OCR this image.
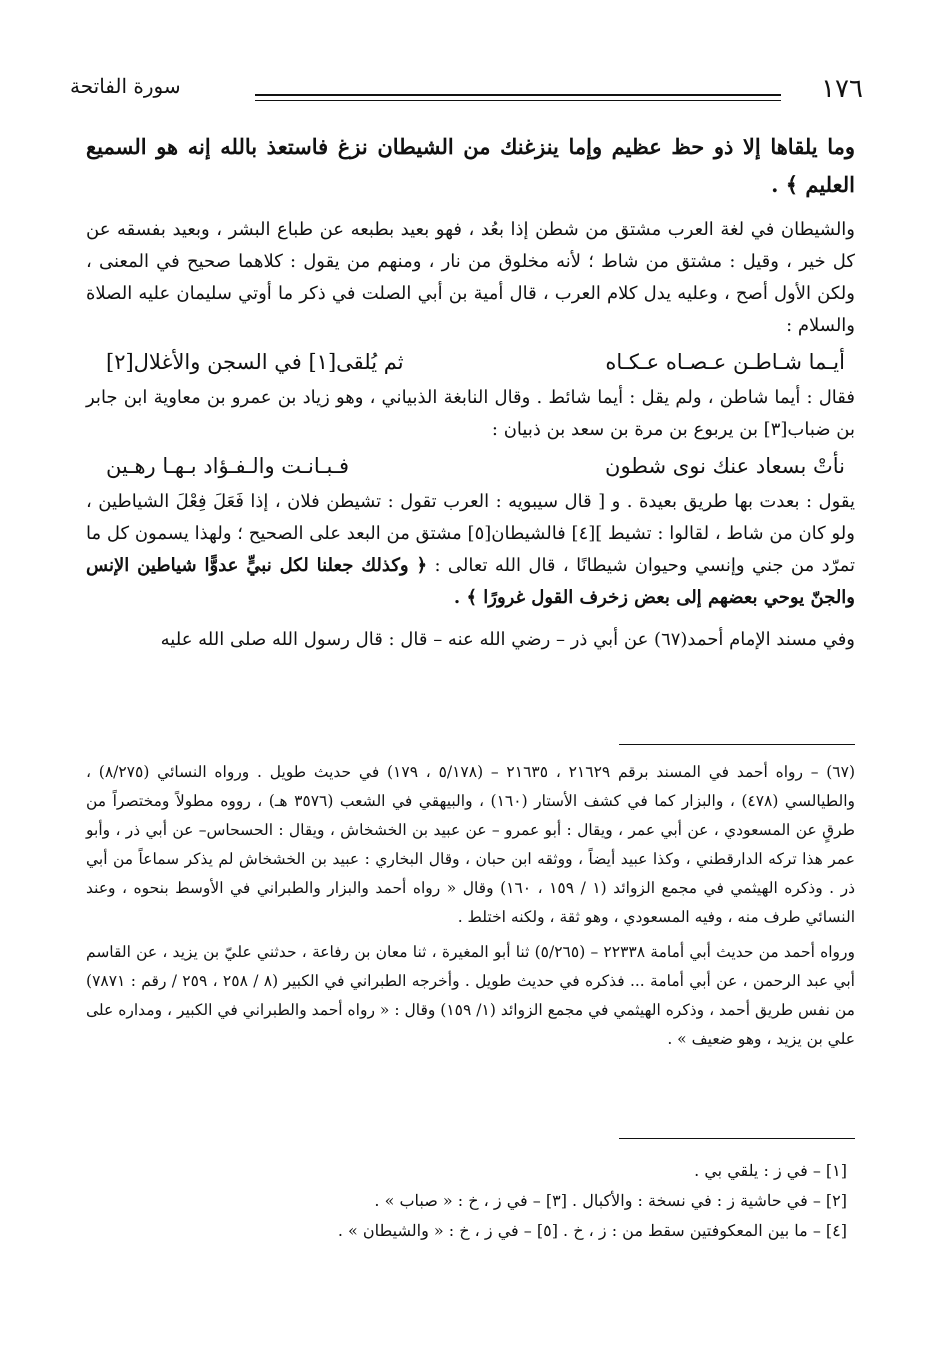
١٧٦
سورة الفاتحة

وما يلقاها إلا ذو حظ عظيم وإما ينزغنك من الشيطان نزغ فاستعذ بالله إنه هو السميع العليم ﴾ .

والشيطان في لغة العرب مشتق من شطن إذا بعُد ، فهو بعيد بطبعه عن طباع البشر ، وبعيد بفسقه عن كل خير ، وقيل : مشتق من شاط ؛ لأنه مخلوق من نار ، ومنهم من يقول : كلاهما صحيح في المعنى ، ولكن الأول أصح ، وعليه يدل كلام العرب ، قال أمية بن أبي الصلت في ذكر ما أوتي سليمان عليه الصلاة والسلام :

أيـما شـاطـن عـصـاه عـكـاه
ثم يُلقى[١] في السجن والأغلال[٢]

فقال : أيما شاطن ، ولم يقل : أيما شائط . وقال النابغة الذبياني ، وهو زياد بن عمرو بن معاوية ابن جابر بن ضباب[٣] بن يربوع بن مرة بن سعد بن ذبيان :

نأتْ بسعاد عنك نوى شطون
فـبـانـت والـفـؤاد بـهـا رهـين

يقول : بعدت بها طريق بعيدة . و [ قال سيبويه : العرب تقول : تشيطن فلان ، إذا فَعَلَ فِعْلَ الشياطين ، ولو كان من شاط ، لقالوا : تشيط ][٤] فالشيطان[٥] مشتق من البعد على الصحيح ؛ ولهذا يسمون كل ما تمرّد من جني وإنسي وحيوان شيطانًا ، قال الله تعالى : ﴿ وكذلك جعلنا لكل نبيٍّ عدوًّا شياطين الإنس والجنّ يوحي بعضهم إلى بعض زخرف القول غرورًا ﴾ .

وفي مسند الإمام أحمد(٦٧) عن أبي ذر – رضي الله عنه – قال : قال رسول الله صلى الله عليه

(٦٧) – رواه أحمد في المسند برقم ٢١٦٢٩ ، ٢١٦٣٥ – (٥/١٧٨ ، ١٧٩) في حديث طويل . ورواه النسائي (٨/٢٧٥) ، والطيالسي (٤٧٨) ، والبزار كما في كشف الأستار (١٦٠) ، والبيهقي في الشعب (٣٥٧٦ هـ) ، رووه مطولاً ومختصراً من طرقٍ عن المسعودي ، عن أبي عمر ، ويقال : أبو عمرو – عن عبيد بن الخشخاش ، ويقال : الحسحاس– عن أبي ذر ، وأبو عمر هذا تركه الدارقطني ، وكذا عبيد أيضاً ، ووثقه ابن حبان ، وقال البخاري : عبيد بن الخشخاش لم يذكر سماعاً من أبي ذر . وذكره الهيثمي في مجمع الزوائد (١ / ١٥٩ ، ١٦٠) وقال « رواه أحمد والبزار والطبراني في الأوسط بنحوه ، وعند النسائي طرف منه ، وفيه المسعودي ، وهو ثقة ، ولكنه اختلط .

ورواه أحمد من حديث أبي أمامة ٢٢٣٣٨ – (٥/٢٦٥) ثنا أبو المغيرة ، ثنا معان بن رفاعة ، حدثني عليّ بن يزيد ، عن القاسم أبي عبد الرحمن ، عن أبي أمامة ... فذكره في حديث طويل . وأخرجه الطبراني في الكبير (٨ / ٢٥٨ ، ٢٥٩ / رقم : ٧٨٧١) من نفس طريق أحمد ، وذكره الهيثمي في مجمع الزوائد (١/ ١٥٩) وقال : « رواه أحمد والطبراني في الكبير ، ومداره على علي بن يزيد ، وهو ضعيف » .

[١] – في ز : يلقي بي .
[٢] – في حاشية ز : في نسخة : والأكبال . [٣] – في ز ، خ : « صباب » .
[٤] – ما بين المعكوفتين سقط من : ز ، خ . [٥] – في ز ، خ : « والشيطان » .
